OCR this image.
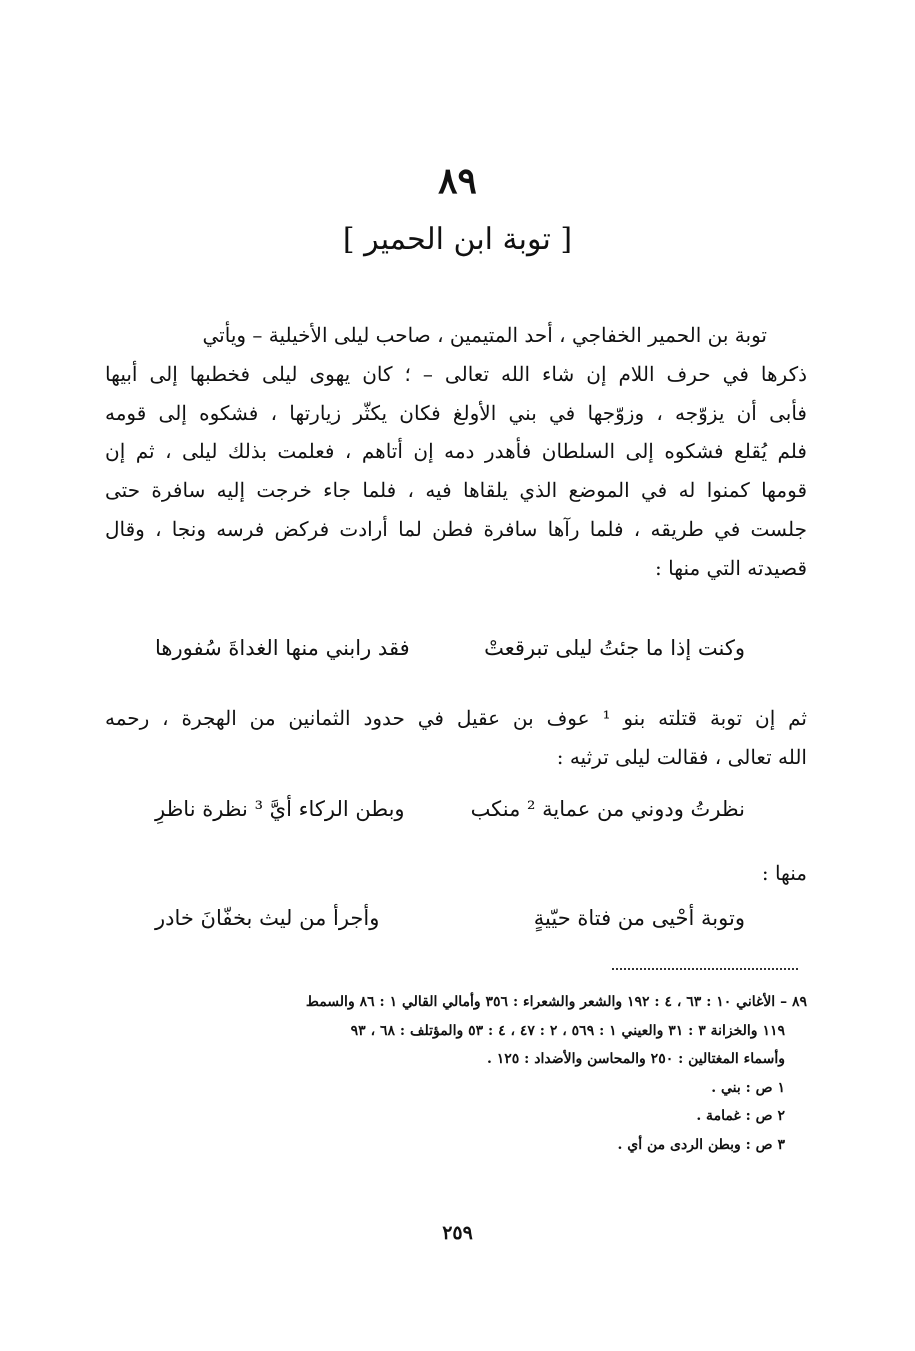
٨٩
[ توبة ابن الحمير ]
توبة بن الحمير الخفاجي ، أحد المتيمين ، صاحب ليلى الأخيلية – ويأتي
ذكرها في حرف اللام إن شاء الله تعالى – ؛ كان يهوى ليلى فخطبها إلى أبيها
فأبى أن يزوّجه ، وزوّجها في بني الأولغ فكان يكثّر زيارتها ، فشكوه إلى قومه
فلم يُقلع فشكوه إلى السلطان فأهدر دمه إن أتاهم ، فعلمت بذلك ليلى ، ثم إن
قومها كمنوا له في الموضع الذي يلقاها فيه ، فلما جاء خرجت إليه سافرة حتى
جلست في طريقه ، فلما رآها سافرة فطن لما أرادت فركض فرسه ونجا ، وقال
قصيدته التي منها :
وكنت إذا ما جئتُ ليلى تبرقعتْ
فقد رابني منها الغداةَ سُفورها
ثم إن توبة قتلته بنو ¹ عوف بن عقيل في حدود الثمانين من الهجرة ، رحمه
الله تعالى ، فقالت ليلى ترثيه :
نظرتُ ودوني من عماية ² منكب
وبطن الركاء أيَّ ³ نظرة ناظرِ
منها :
وتوبة أحْيى من فتاة حيّيةٍ
وأجرأ من ليث بخفّانَ خادر
٨٩ – الأغاني ١٠ : ٦٣ ، ٤ : ١٩٢ والشعر والشعراء : ٣٥٦ وأمالي القالي ١ : ٨٦ والسمط
١١٩ والخزانة ٣ : ٣١ والعيني ١ : ٥٦٩ ، ٢ : ٤٧ ، ٤ : ٥٣ والمؤتلف : ٦٨ ، ٩٣
وأسماء المغتالين : ٢٥٠ والمحاسن والأضداد : ١٢٥ .
١ ص : بني .
٢ ص : غمامة .
٣ ص : وبطن الردى من أي .
٢٥٩
